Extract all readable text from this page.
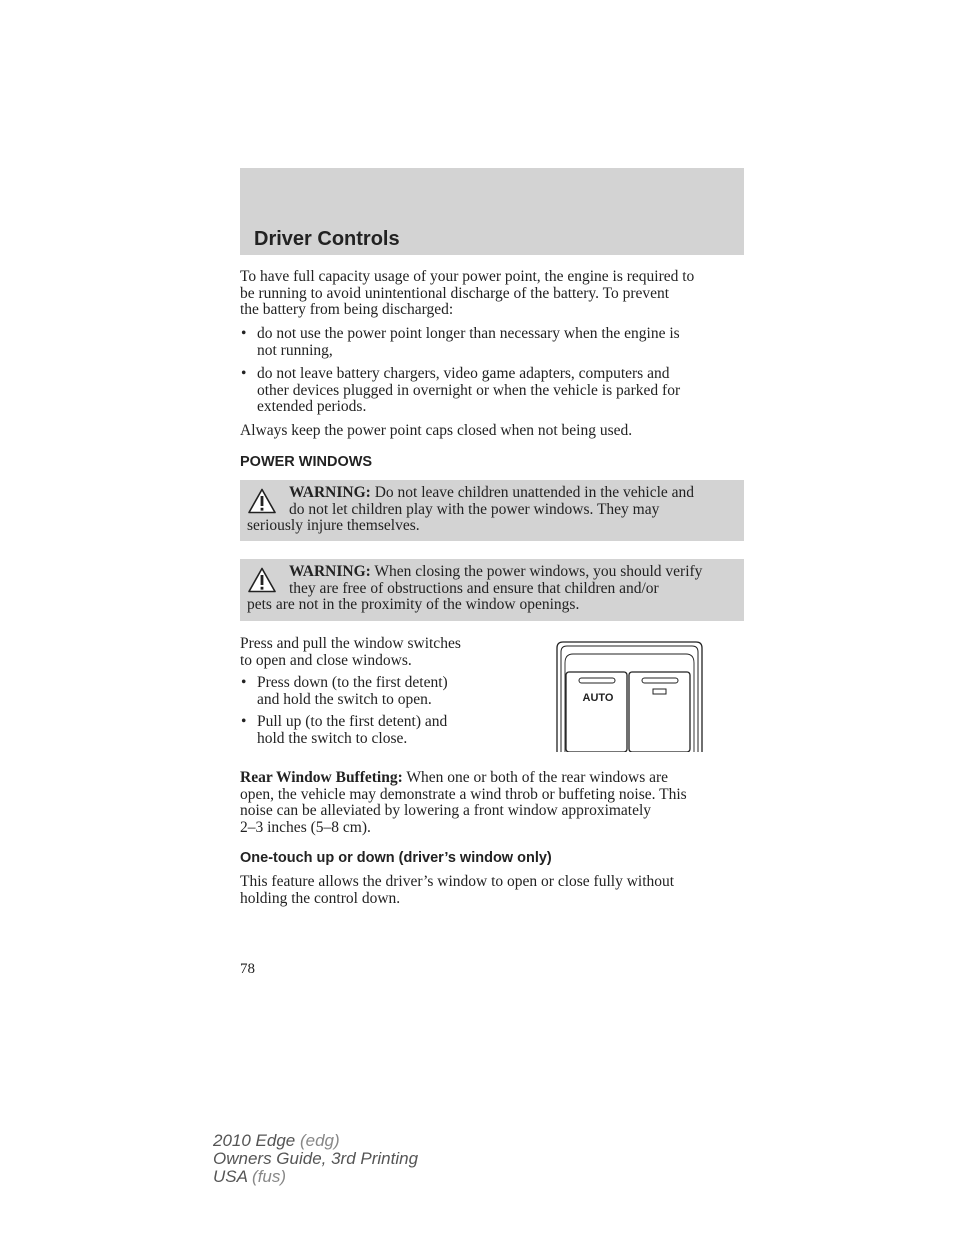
Driver Controls
To have full capacity usage of your power point, the engine is required to
be running to avoid unintentional discharge of the battery. To prevent
the battery from being discharged:
• do not use the power point longer than necessary when the engine is
not running,
• do not leave battery chargers, video game adapters, computers and
other devices plugged in overnight or when the vehicle is parked for
extended periods.
Always keep the power point caps closed when not being used.
POWER WINDOWS
WARNING: Do not leave children unattended in the vehicle and
do not let children play with the power windows. They may
seriously injure themselves.
WARNING: When closing the power windows, you should verify
they are free of obstructions and ensure that children and/or
pets are not in the proximity of the window openings.
Press and pull the window switches
to open and close windows.
• Press down (to the first detent)
and hold the switch to open.
• Pull up (to the first detent) and
hold the switch to close.
AUTO
Rear Window Buffeting: When one or both of the rear windows are
open, the vehicle may demonstrate a wind throb or buffeting noise. This
noise can be alleviated by lowering a front window approximately
2–3 inches (5–8 cm).
One-touch up or down (driver’s window only)
This feature allows the driver’s window to open or close fully without
holding the control down.
78
2010 Edge (edg)
Owners Guide, 3rd Printing
USA (fus)
